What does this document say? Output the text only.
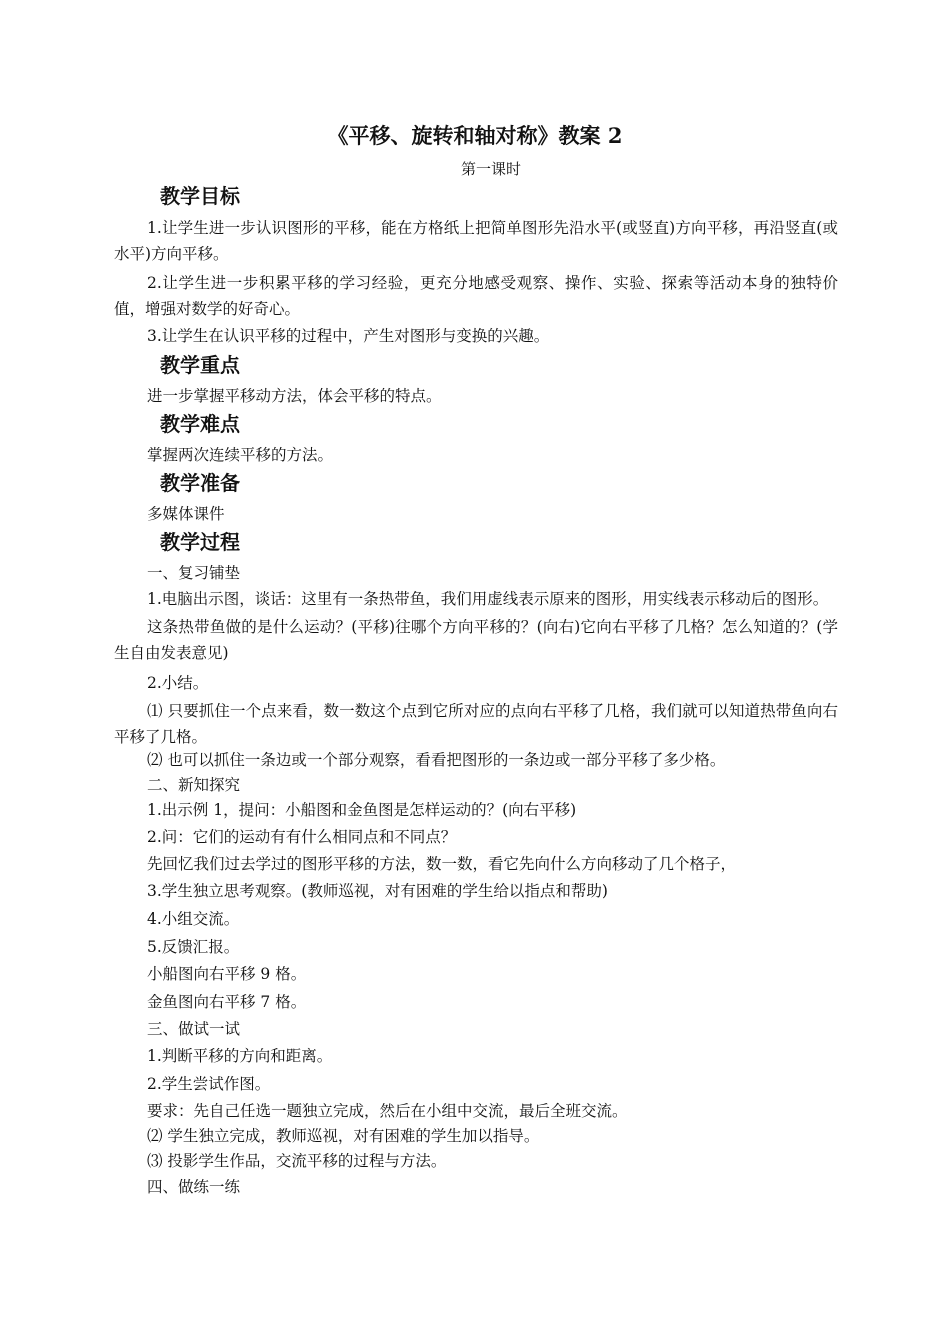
《平移、旋转和轴对称》教案 2
第一课时
教学目标
1.让学生进一步认识图形的平移，能在方格纸上把简单图形先沿水平(或竖直)方向平移，再沿竖直(或水平)方向平移。
2.让学生进一步积累平移的学习经验，更充分地感受观察、操作、实验、探索等活动本身的独特价值，增强对数学的好奇心。
3.让学生在认识平移的过程中，产生对图形与变换的兴趣。
教学重点
进一步掌握平移动方法，体会平移的特点。
教学难点
掌握两次连续平移的方法。
教学准备
多媒体课件
教学过程
一、复习铺垫
1.电脑出示图，谈话：这里有一条热带鱼，我们用虚线表示原来的图形，用实线表示移动后的图形。
这条热带鱼做的是什么运动？(平移)往哪个方向平移的？(向右)它向右平移了几格？怎么知道的？(学生自由发表意见)
2.小结。
⑴ 只要抓住一个点来看，数一数这个点到它所对应的点向右平移了几格，我们就可以知道热带鱼向右平移了几格。
⑵ 也可以抓住一条边或一个部分观察，看看把图形的一条边或一部分平移了多少格。
二、新知探究
1.出示例 1，提问：小船图和金鱼图是怎样运动的？(向右平移)
2.问：它们的运动有有什么相同点和不同点？
先回忆我们过去学过的图形平移的方法，数一数，看它先向什么方向移动了几个格子，
3.学生独立思考观察。(教师巡视，对有困难的学生给以指点和帮助)
4.小组交流。
5.反馈汇报。
小船图向右平移 9 格。
金鱼图向右平移 7 格。
三、做试一试
1.判断平移的方向和距离。
2.学生尝试作图。
要求：先自己任选一题独立完成，然后在小组中交流，最后全班交流。
⑵ 学生独立完成，教师巡视，对有困难的学生加以指导。
⑶ 投影学生作品，交流平移的过程与方法。
四、做练一练
